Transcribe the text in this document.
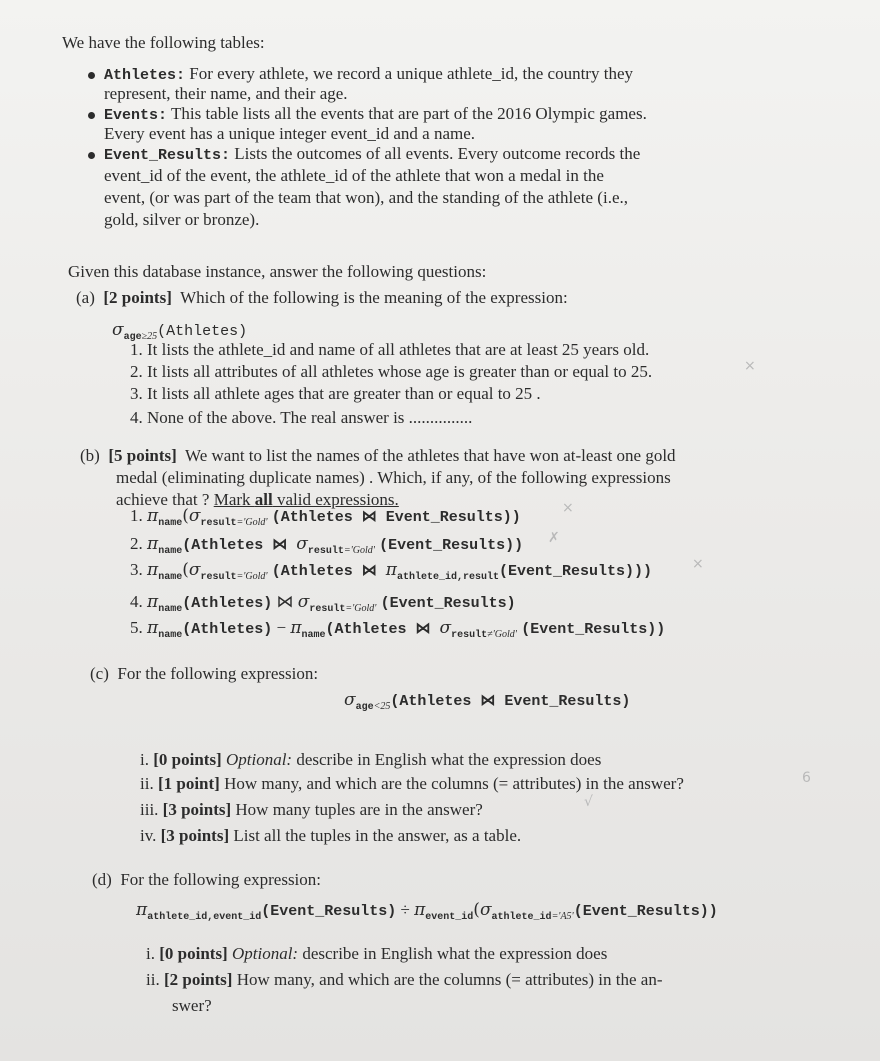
We have the following tables:
Athletes: For every athlete, we record a unique athlete_id, the country they
represent, their name, and their age.
Events: This table lists all the events that are part of the 2016 Olympic games.
Every event has a unique integer event_id and a name.
Event_Results: Lists the outcomes of all events. Every outcome records the
event_id of the event, the athlete_id of the athlete that won a medal in the
event, (or was part of the team that won), and the standing of the athlete (i.e.,
gold, silver or bronze).
Given this database instance, answer the following questions:
(a) [2 points] Which of the following is the meaning of the expression:
$\sigma_{age\ge 25}(Athletes)$
1. It lists the athlete_id and name of all athletes that are at least 25 years old.
2. It lists all attributes of all athletes whose age is greater than or equal to 25.	×
3. It lists all athlete ages that are greater than or equal to 25 .
4. None of the above. The real answer is ...............
(b) [5 points] We want to list the names of the athletes that have won at-least one gold
medal (eliminating duplicate names) . Which, if any, of the following expressions
achieve that ? Mark all valid expressions.
1. $\pi_{name}(\sigma_{result='Gold'}$ (Athletes ⋈ Event_Results))
×
2. $\pi_{name}(Athletes$ ⋈ $\sigma_{result='Gold'}$ (Event_Results)) ✗
3. $\pi_{name}(\sigma_{result='Gold'}$ (Athletes ⋈ $\pi_{athlete\_id,result}(Event\_Results)$))	×
4. $\pi_{name}(Athletes)$ ⋈ $\sigma_{result='Gold'}$ (Event_Results)
5. $\pi_{name}(Athletes)$ − $\pi_{name}(Athletes$ ⋈ $\sigma_{result\ne'Gold'}$ (Event_Results))
(c) For the following expression:
$\sigma_{age<25}(Athletes$ ⋈ Event_Results)
i. [0 points] Optional: describe in English what the expression does
ii. [1 point] How many, and which are the columns (= attributes) in the answer?	6
iii. [3 points] How many tuples are in the answer?	√
iv. [3 points] List all the tuples in the answer, as a table.
(d) For the following expression:
$\pi_{athlete\_id,event\_id}(Event\_Results)$ ÷ $\pi_{event\_id}(\sigma_{athlete\_id='A5'}(Event\_Results))$
i. [0 points] Optional: describe in English what the expression does
ii. [2 points] How many, and which are the columns (= attributes) in the an-
swer?
